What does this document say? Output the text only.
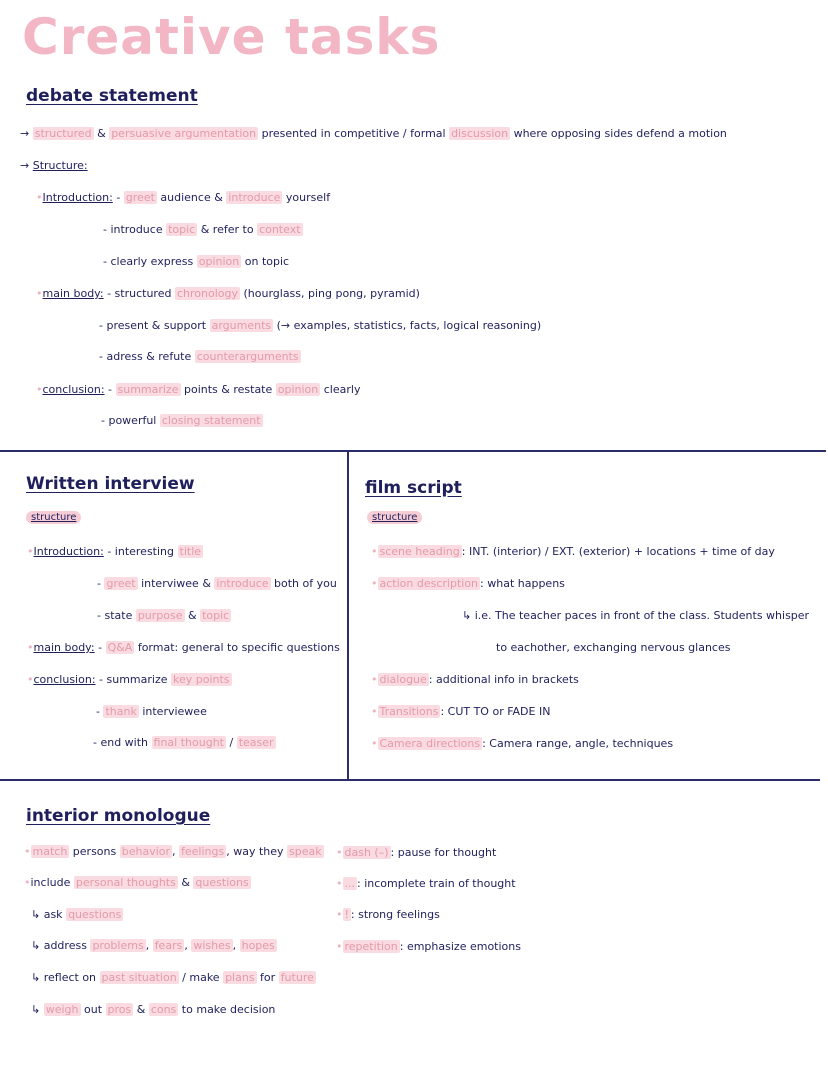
Creative tasks
debate statement
→ structured & persuasive argumentation presented in competitive / formal discussion where opposing sides defend a motion
→ Structure:
•Introduction: - greet audience & introduce yourself
- introduce topic & refer to context
- clearly express opinion on topic
•main body: - structured chronology (hourglass, ping pong, pyramid)
- present & support arguments (→ examples, statistics, facts, logical reasoning)
- adress & refute counterarguments
•conclusion: - summarize points & restate opinion clearly
- powerful closing statement
Written interview
structure
•Introduction: - interesting title
- greet interviwee & introduce both of you
- state purpose & topic
•main body: - Q&A format: general to specific questions
•conclusion: - summarize key points
- thank interviewee
- end with final thought / teaser
film script
structure
• scene heading : INT. (interior) / EXT. (exterior) + locations + time of day
• action description : what happens
↳ i.e. The teacher paces in front of the class. Students whisper
to eachother, exchanging nervous glances
• dialogue : additional info in brackets
• Transitions : CUT TO or FADE IN
• Camera directions : Camera range, angle, techniques
interior monologue
• match persons behavior , feelings , way they speak
•include personal thoughts & questions
↳ ask questions
↳ address problems , fears , wishes , hopes
↳ reflect on past situation / make plans for future
↳ weigh out pros & cons to make decision
• dash (–) : pause for thought
• ... : incomplete train of thought
• ! : strong feelings
• repetition : emphasize emotions
